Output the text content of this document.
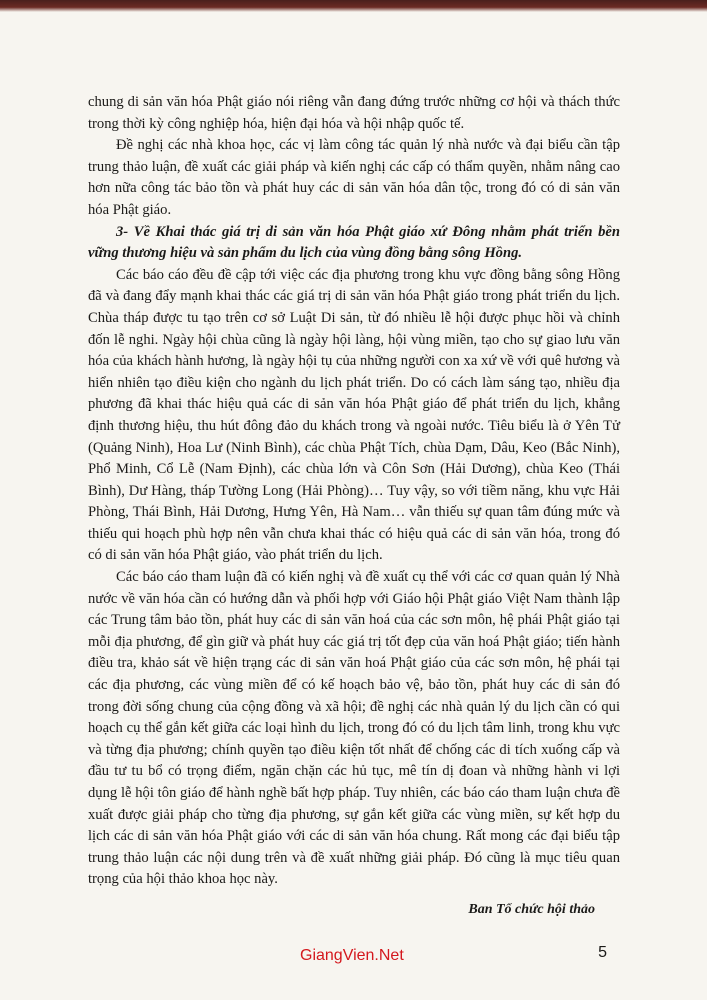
chung di sản văn hóa Phật giáo nói riêng vẫn đang đứng trước những cơ hội và thách thức trong thời kỳ công nghiệp hóa, hiện đại hóa và hội nhập quốc tế.

Đề nghị các nhà khoa học, các vị làm công tác quản lý nhà nước và đại biểu cần tập trung thảo luận, đề xuất các giải pháp và kiến nghị các cấp có thẩm quyền, nhằm nâng cao hơn nữa công tác bảo tồn và phát huy các di sản văn hóa dân tộc, trong đó có di sản văn hóa Phật giáo.

3- Về Khai thác giá trị di sản văn hóa Phật giáo xứ Đông nhằm phát triển bền vững thương hiệu và sản phẩm du lịch của vùng đồng bằng sông Hồng.

Các báo cáo đều đề cập tới việc các địa phương trong khu vực đồng bằng sông Hồng đã và đang đẩy mạnh khai thác các giá trị di sản văn hóa Phật giáo trong phát triển du lịch. Chùa tháp được tu tạo trên cơ sở Luật Di sản, từ đó nhiều lễ hội được phục hồi và chỉnh đốn lễ nghi. Ngày hội chùa cũng là ngày hội làng, hội vùng miền, tạo cho sự giao lưu văn hóa của khách hành hương, là ngày hội tụ của những người con xa xứ về với quê hương và hiển nhiên tạo điều kiện cho ngành du lịch phát triển. Do có cách làm sáng tạo, nhiều địa phương đã khai thác hiệu quả các di sản văn hóa Phật giáo để phát triển du lịch, khẳng định thương hiệu, thu hút đông đảo du khách trong và ngoài nước. Tiêu biểu là ở Yên Tử (Quảng Ninh), Hoa Lư (Ninh Bình), các chùa Phật Tích, chùa Dạm, Dâu, Keo (Bắc Ninh), Phổ Minh, Cổ Lễ (Nam Định), các chùa lớn và Côn Sơn (Hải Dương), chùa Keo (Thái Bình), Dư Hàng, tháp Tường Long (Hải Phòng)… Tuy vậy, so với tiềm năng, khu vực Hải Phòng, Thái Bình, Hải Dương, Hưng Yên, Hà Nam… vẫn thiếu sự quan tâm đúng mức và thiếu qui hoạch phù hợp nên vẫn chưa khai thác có hiệu quả các di sản văn hóa, trong đó có di sản văn hóa Phật giáo, vào phát triển du lịch.

Các báo cáo tham luận đã có kiến nghị và đề xuất cụ thể với các cơ quan quản lý Nhà nước về văn hóa cần có hướng dẫn và phối hợp với Giáo hội Phật giáo Việt Nam thành lập các Trung tâm bảo tồn, phát huy các di sản văn hoá của các sơn môn, hệ phái Phật giáo tại mỗi địa phương, để gìn giữ và phát huy các giá trị tốt đẹp của văn hoá Phật giáo; tiến hành điều tra, khảo sát về hiện trạng các di sản văn hoá Phật giáo của các sơn môn, hệ phái tại các địa phương, các vùng miền để có kế hoạch bảo vệ, bảo tồn, phát huy các di sản đó trong đời sống chung của cộng đồng và xã hội; đề nghị các nhà quản lý du lịch cần có qui hoạch cụ thể gắn kết giữa các loại hình du lịch, trong đó có du lịch tâm linh, trong khu vực và từng địa phương; chính quyền tạo điều kiện tốt nhất để chống các di tích xuống cấp và đầu tư tu bổ có trọng điểm, ngăn chặn các hủ tục, mê tín dị đoan và những hành vi lợi dụng lễ hội tôn giáo để hành nghề bất hợp pháp. Tuy nhiên, các báo cáo tham luận chưa đề xuất được giải pháp cho từng địa phương, sự gắn kết giữa các vùng miền, sự kết hợp du lịch các di sản văn hóa Phật giáo với các di sản văn hóa chung. Rất mong các đại biểu tập trung thảo luận các nội dung trên và đề xuất những giải pháp. Đó cũng là mục tiêu quan trọng của hội thảo khoa học này.

Ban Tổ chức hội thảo
GiangVien.Net	5
